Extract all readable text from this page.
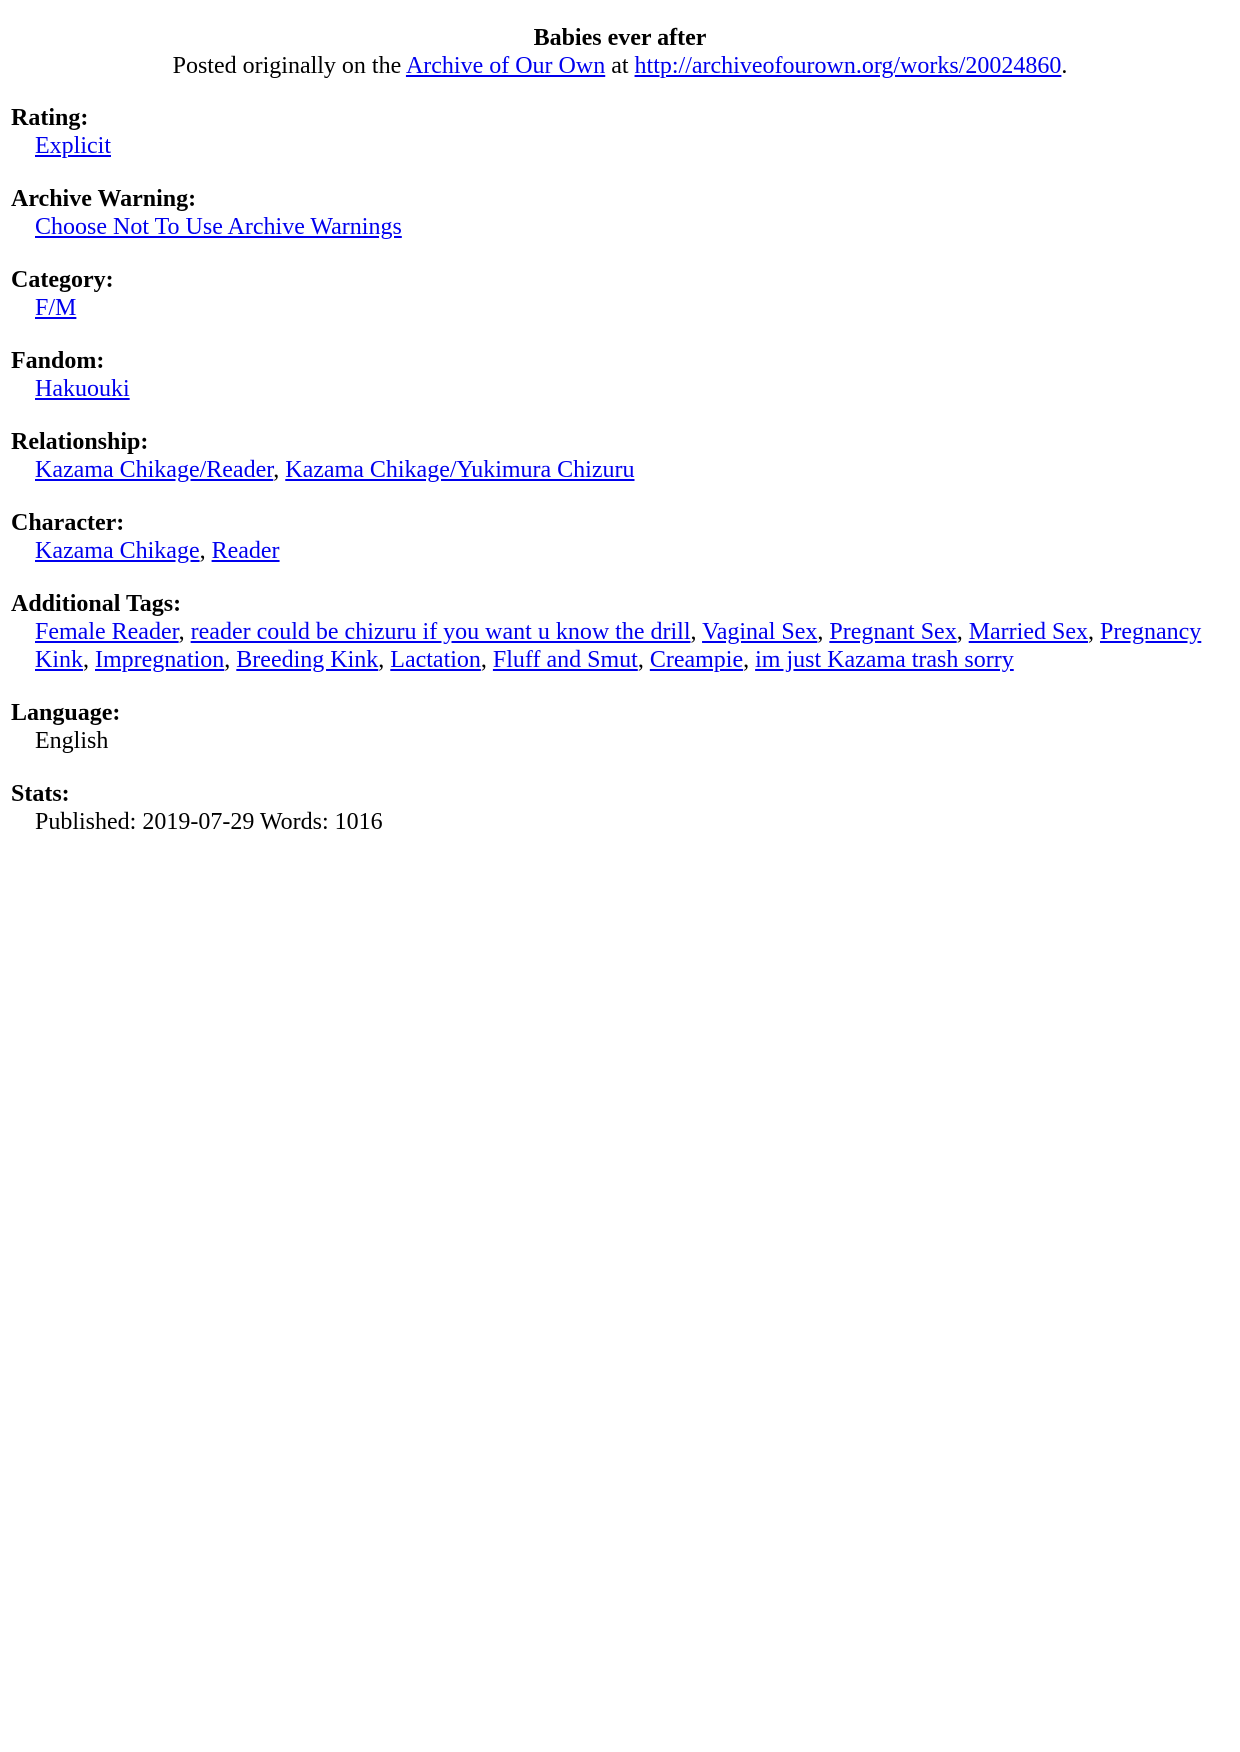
Babies ever after
Posted originally on the Archive of Our Own at http://archiveofourown.org/works/20024860.
Rating:
Explicit
Archive Warning:
Choose Not To Use Archive Warnings
Category:
F/M
Fandom:
Hakuouki
Relationship:
Kazama Chikage/Reader, Kazama Chikage/Yukimura Chizuru
Character:
Kazama Chikage, Reader
Additional Tags:
Female Reader, reader could be chizuru if you want u know the drill, Vaginal Sex, Pregnant Sex, Married Sex, Pregnancy Kink, Impregnation, Breeding Kink, Lactation, Fluff and Smut, Creampie, im just Kazama trash sorry
Language:
English
Stats:
Published: 2019-07-29 Words: 1016
